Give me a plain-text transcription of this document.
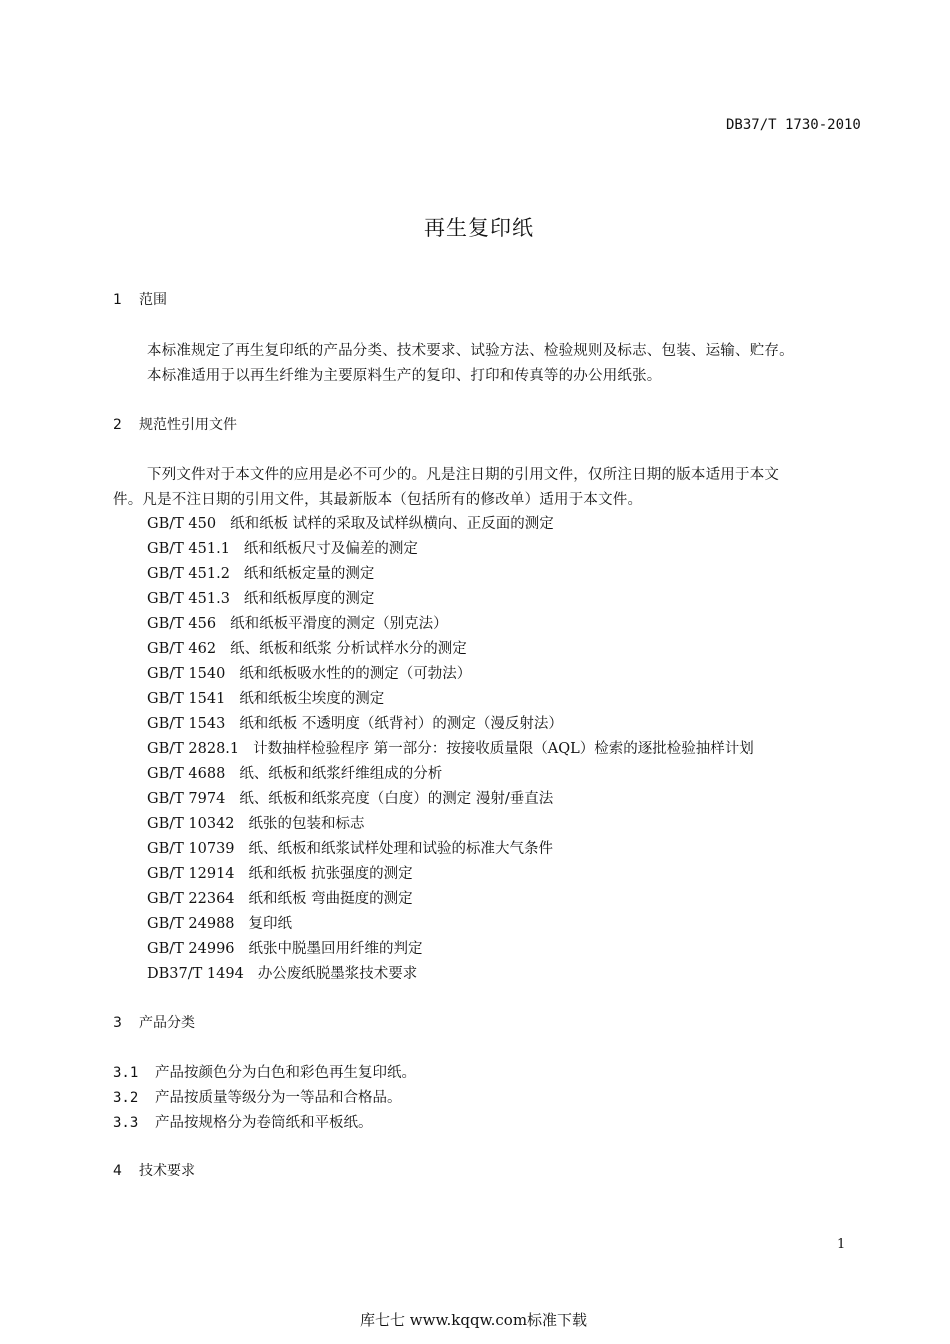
DB37/T 1730-2010
再生复印纸
1 范围
本标准规定了再生复印纸的产品分类、技术要求、试验方法、检验规则及标志、包装、运输、贮存。
本标准适用于以再生纤维为主要原料生产的复印、打印和传真等的办公用纸张。
2 规范性引用文件
下列文件对于本文件的应用是必不可少的。凡是注日期的引用文件，仅所注日期的版本适用于本文
件。凡是不注日期的引用文件，其最新版本（包括所有的修改单）适用于本文件。
GB/T 450 纸和纸板 试样的采取及试样纵横向、正反面的测定
GB/T 451.1 纸和纸板尺寸及偏差的测定
GB/T 451.2 纸和纸板定量的测定
GB/T 451.3 纸和纸板厚度的测定
GB/T 456 纸和纸板平滑度的测定（别克法）
GB/T 462 纸、纸板和纸浆 分析试样水分的测定
GB/T 1540 纸和纸板吸水性的的测定（可勃法）
GB/T 1541 纸和纸板尘埃度的测定
GB/T 1543 纸和纸板 不透明度（纸背衬）的测定（漫反射法）
GB/T 2828.1 计数抽样检验程序 第一部分：按接收质量限（AQL）检索的逐批检验抽样计划
GB/T 4688 纸、纸板和纸浆纤维组成的分析
GB/T 7974 纸、纸板和纸浆亮度（白度）的测定 漫射/垂直法
GB/T 10342 纸张的包装和标志
GB/T 10739 纸、纸板和纸浆试样处理和试验的标准大气条件
GB/T 12914 纸和纸板 抗张强度的测定
GB/T 22364 纸和纸板 弯曲挺度的测定
GB/T 24988 复印纸
GB/T 24996 纸张中脱墨回用纤维的判定
DB37/T 1494 办公废纸脱墨浆技术要求
3 产品分类
3.1 产品按颜色分为白色和彩色再生复印纸。
3.2 产品按质量等级分为一等品和合格品。
3.3 产品按规格分为卷筒纸和平板纸。
4 技术要求
1
库七七 www.kqqw.com标准下载
